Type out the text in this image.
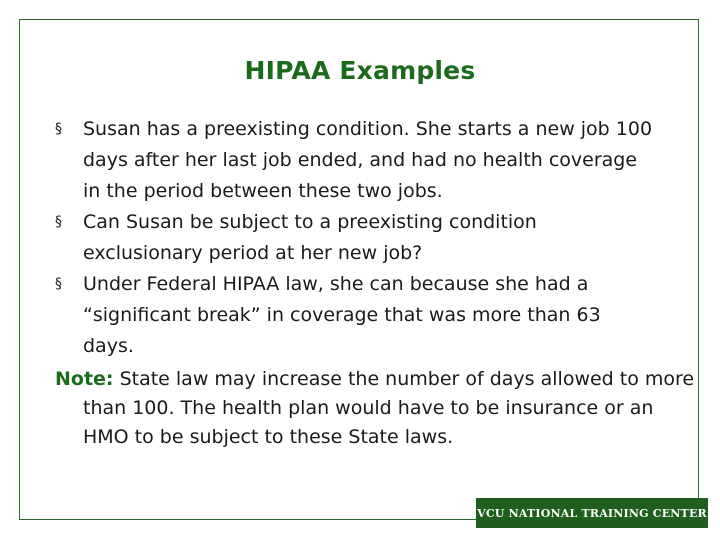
HIPAA Examples
§ Susan has a preexisting condition. She starts a new job 100 days after her last job ended, and had no health coverage in the period between these two jobs.
§ Can Susan be subject to a preexisting condition exclusionary period at her new job?
§ Under Federal HIPAA law, she can because she had a “significant break” in coverage that was more than 63 days.

Note: State law may increase the number of days allowed to more than 100. The health plan would have to be insurance or an HMO to be subject to these State laws.

VCU NATIONAL TRAINING CENTER
